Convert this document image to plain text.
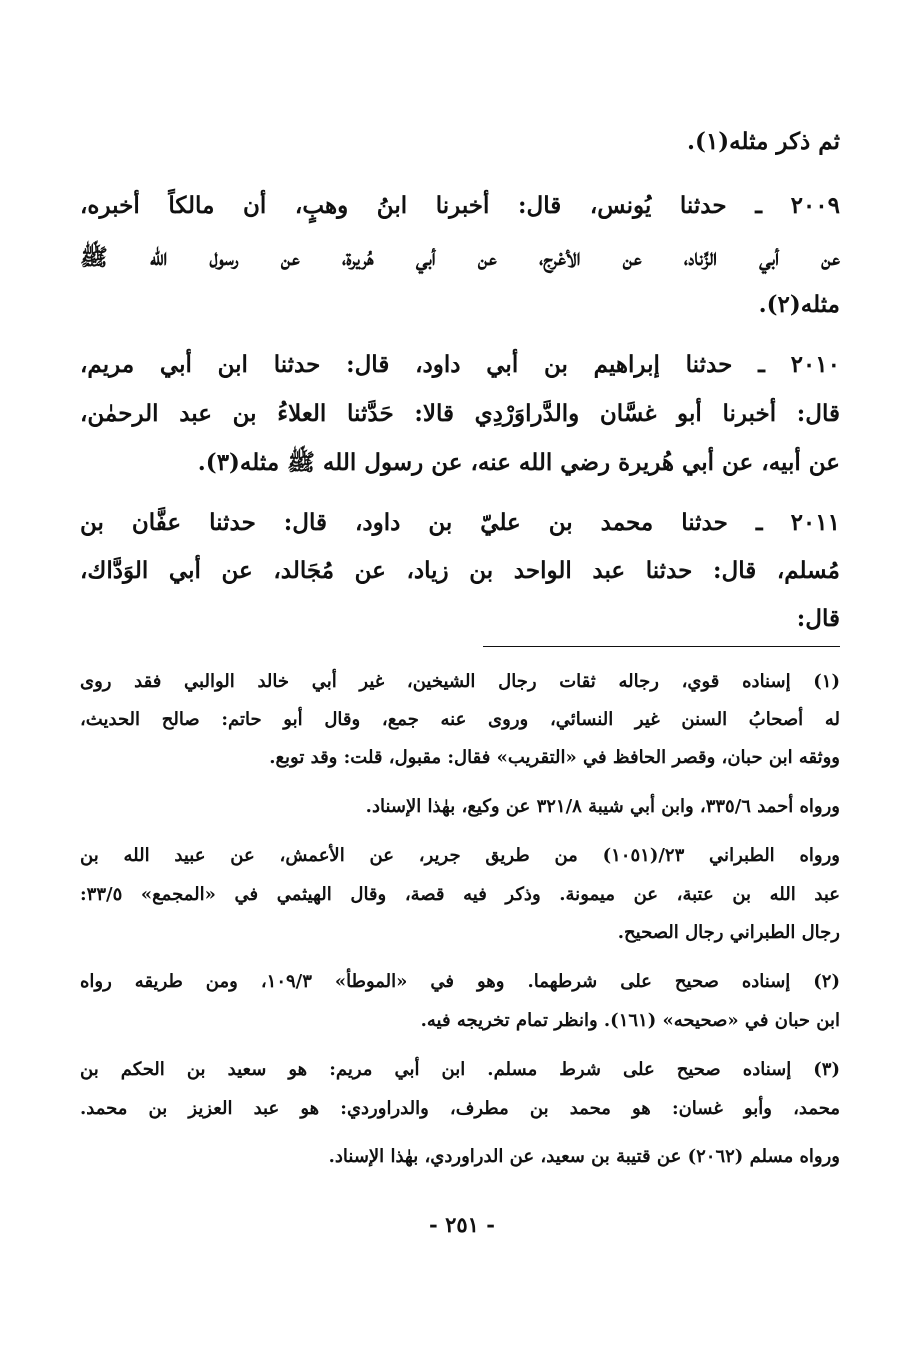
ثم ذكر مثله(١).
٢٠٠٩ ـ حدثنا يُونس، قال: أخبرنا ابنُ وهبٍ، أن مالكاً أخبره،
عن أبي الزِّناد، عن الأعْرج، عن أبي هُريرة، عن رسول الله ﷺ
مثله(٢).
٢٠١٠ ـ حدثنا إبراهيم بن أبي داود، قال: حدثنا ابن أبي مريم،
قال: أخبرنا أبو غسَّان والدَّراوَرْدِي قالا: حَدَّثنا العلاءُ بن عبد الرحمٰن،
عن أبيه، عن أبي هُريرة رضي الله عنه، عن رسول الله ﷺ مثله(٣).
٢٠١١ ـ حدثنا محمد بن عليّ بن داود، قال: حدثنا عفَّان بن
مُسلم، قال: حدثنا عبد الواحد بن زياد، عن مُجَالد، عن أبي الوَدَّاك،
قال:
(١) إسناده قوي، رجاله ثقات رجال الشيخين، غير أبي خالد الوالبي فقد روى
له أصحابُ السنن غير النسائي، وروى عنه جمع، وقال أبو حاتم: صالح الحديث،
ووثقه ابن حبان، وقصر الحافظ في «التقريب» فقال: مقبول، قلت: وقد توبع.
ورواه أحمد ٣٣٥/٦، وابن أبي شيبة ٣٢١/٨ عن وكيع، بهٰذا الإسناد.
ورواه الطبراني ٢٣/(١٠٥١) من طريق جرير، عن الأعمش، عن عبيد الله بن
عبد الله بن عتبة، عن ميمونة. وذكر فيه قصة، وقال الهيثمي في «المجمع» ٣٣/٥:
رجال الطبراني رجال الصحيح.
(٢) إسناده صحيح على شرطهما. وهو في «الموطأ» ١٠٩/٣، ومن طريقه رواه
ابن حبان في «صحيحه» (١٦١). وانظر تمام تخريجه فيه.
(٣) إسناده صحيح على شرط مسلم. ابن أبي مريم: هو سعيد بن الحكم بن
محمد، وأبو غسان: هو محمد بن مطرف، والدراوردي: هو عبد العزيز بن محمد.
ورواه مسلم (٢٠٦٢) عن قتيبة بن سعيد، عن الدراوردي، بهٰذا الإسناد.
- ٢٥١ -
